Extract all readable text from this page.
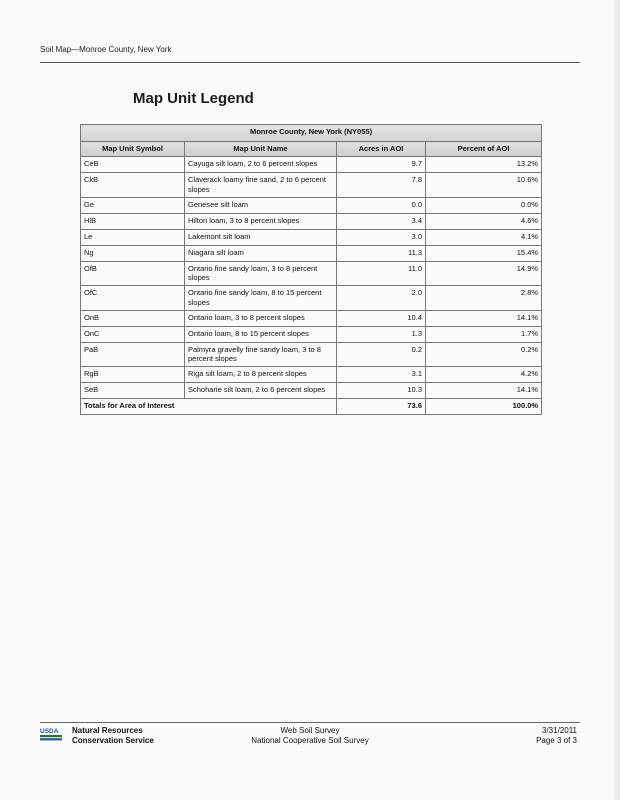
Soil Map—Monroe County, New York
Map Unit Legend
Monroe County, New York (NY055)			
Map Unit Symbol	Map Unit Name	Acres in AOI	Percent of AOI
CeB	Cayuga silt loam, 2 to 6 percent slopes	9.7	13.2%
CkB	Claverack loamy fine sand, 2 to 6 percent slopes	7.8	10.6%
Ge	Genesee silt loam	0.0	0.0%
HlB	Hilton loam, 3 to 8 percent slopes	3.4	4.6%
Le	Lakemont silt loam	3.0	4.1%
Ng	Niagara silt loam	11.3	15.4%
OfB	Ontario fine sandy loam, 3 to 8 percent slopes	11.0	14.9%
OfC	Ontario fine sandy loam, 8 to 15 percent slopes	2.0	2.8%
OnB	Ontario loam, 3 to 8 percent slopes	10.4	14.1%
OnC	Ontario loam, 8 to 15 percent slopes	1.3	1.7%
PaB	Palmyra gravelly fine sandy loam, 3 to 8 percent slopes	0.2	0.2%
RgB	Riga silt loam, 2 to 8 percent slopes	3.1	4.2%
SeB	Schoharie silt loam, 2 to 6 percent slopes	10.3	14.1%
Totals for Area of Interest		73.6	100.0%
USDA Natural Resources
Conservation Service
Web Soil Survey
National Cooperative Soil Survey
3/31/2011
Page 3 of 3
